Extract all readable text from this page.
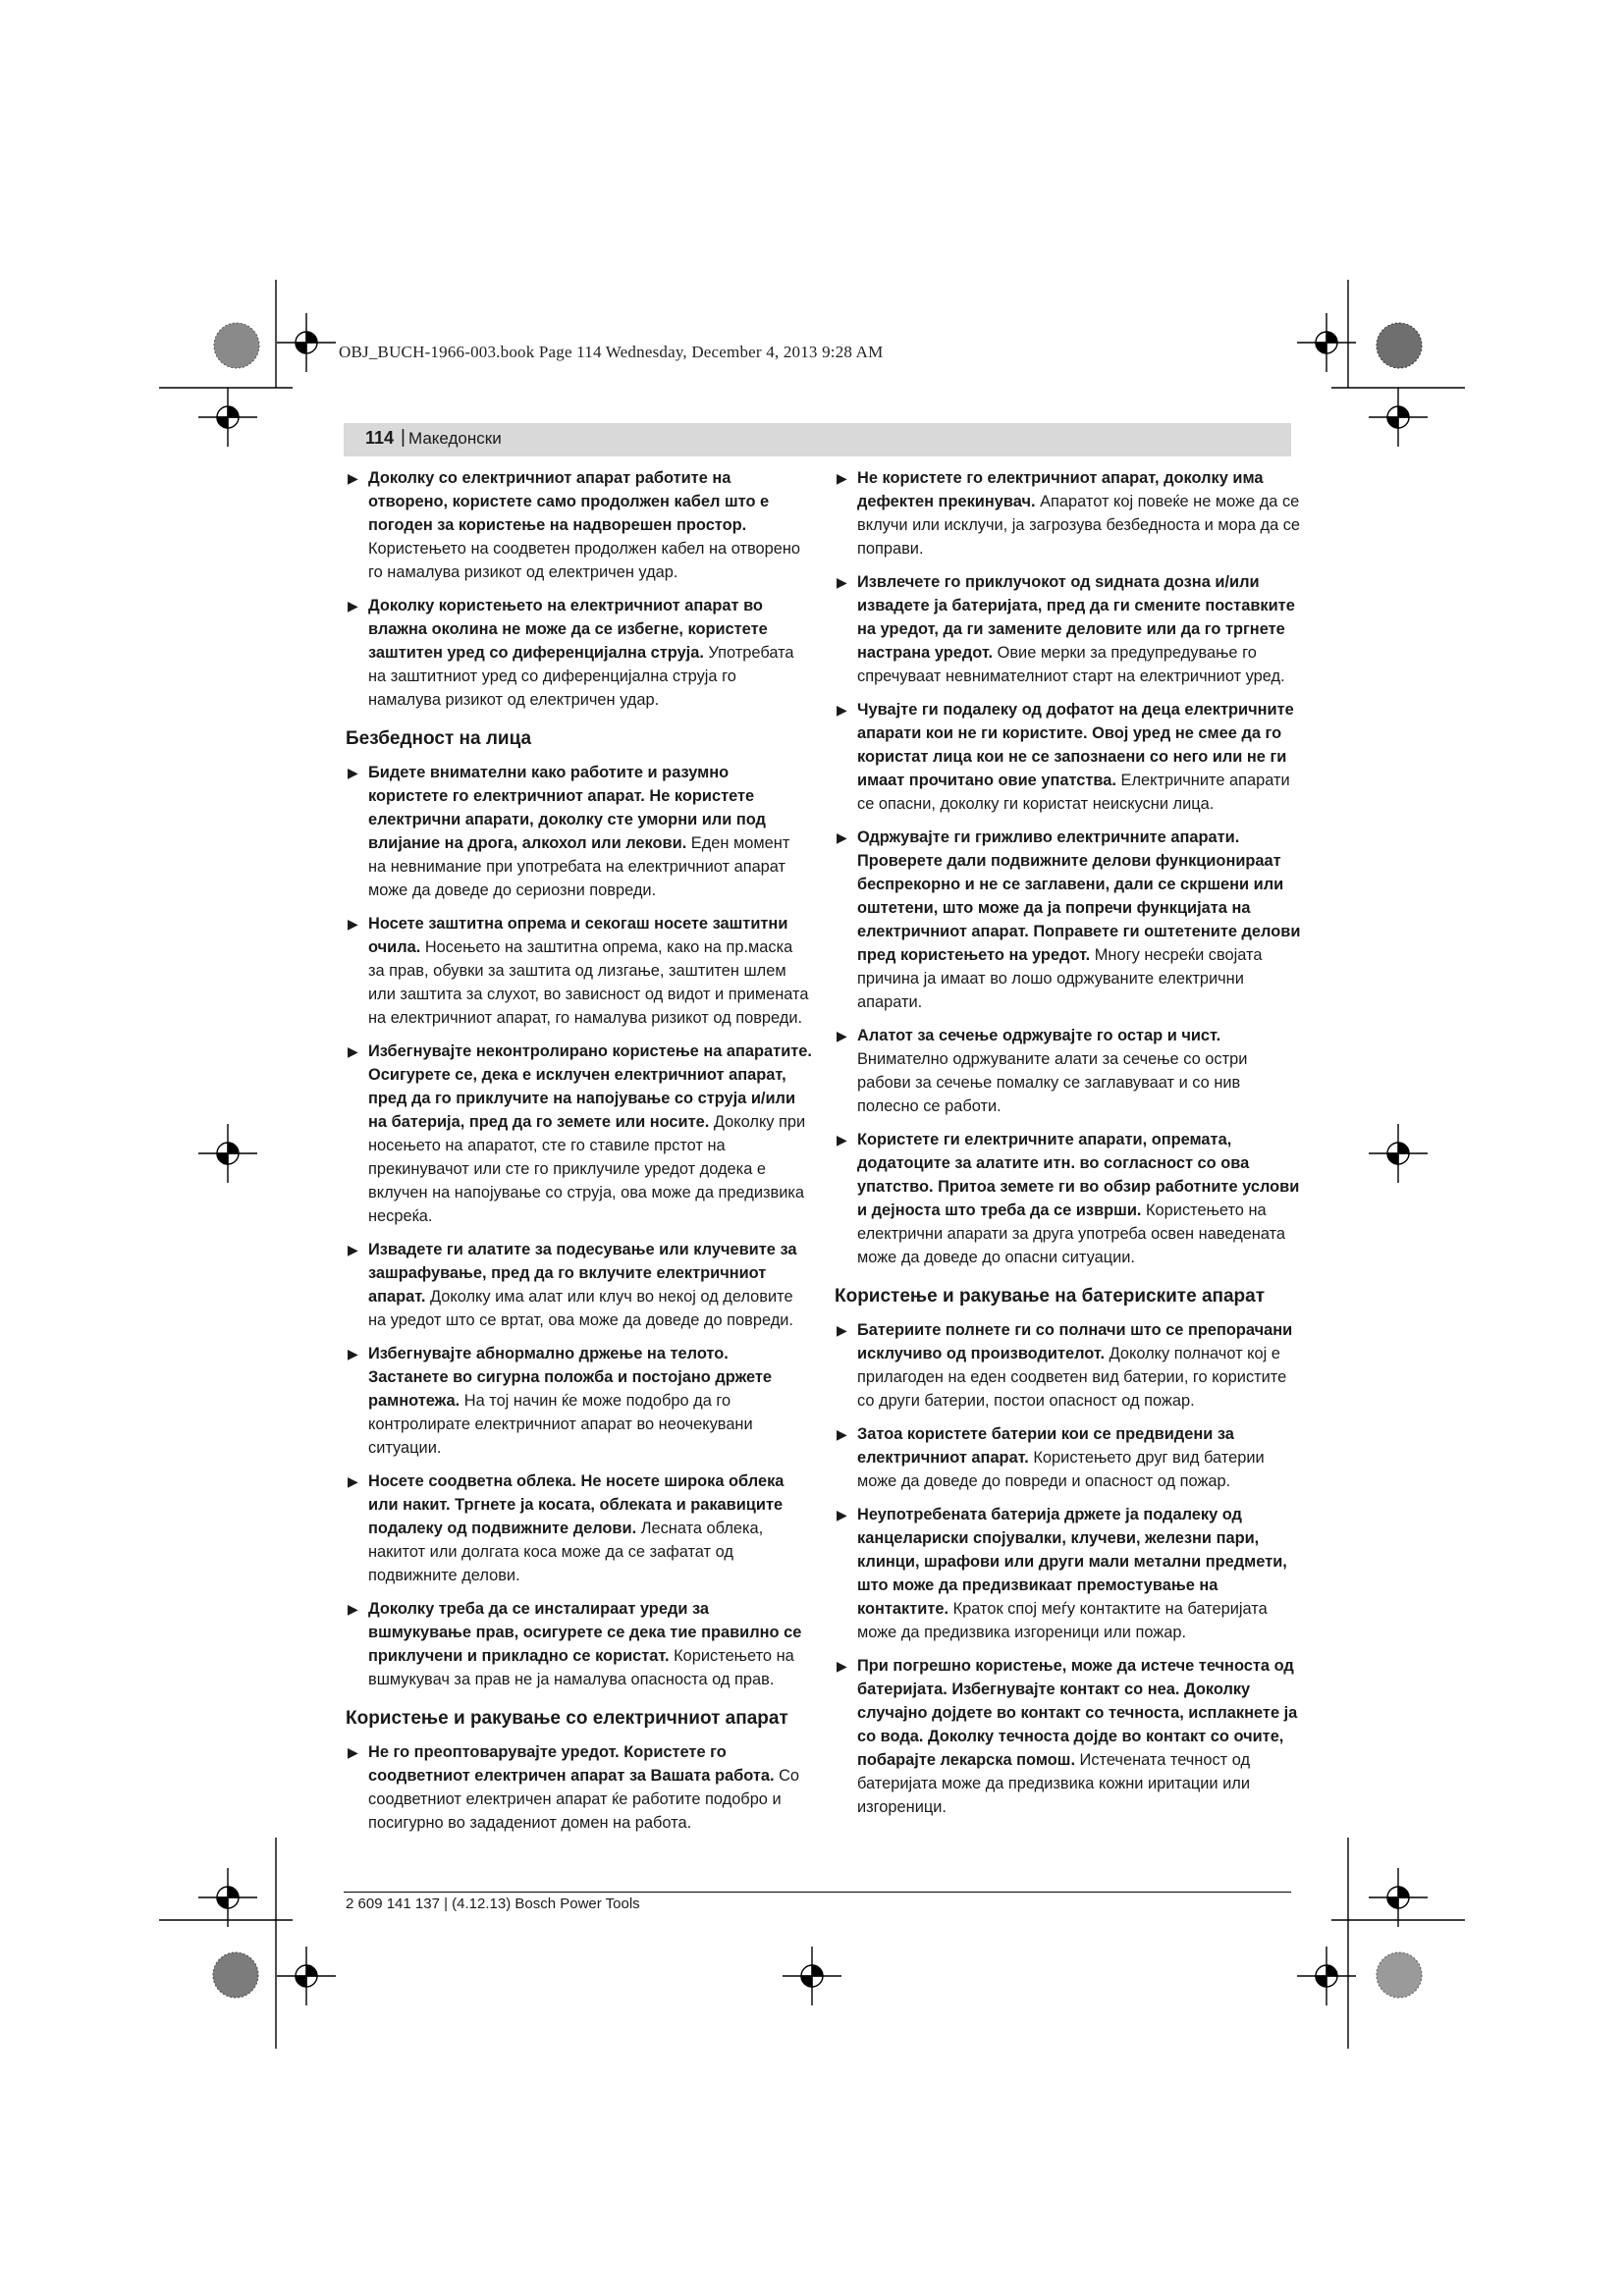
OBJ_BUCH-1966-003.book Page 114 Wednesday, December 4, 2013 9:28 AM
114 | Македонски
▶ Доколку со електричниот апарат работите на отворено, користете само продолжен кабел што е погоден за користење на надворешен простор. Користењето на соодветен продолжен кабел на отворено го намалува ризикот од електричен удар.
▶ Доколку користењето на електричниот апарат во влажна околина не може да се избегне, користете заштитен уред со диференцијална струја. Употребата на заштитниот уред со диференцијална струја го намалува ризикот од електричен удар.
Безбедност на лица
▶ Бидете внимателни како работите и разумно користете го електричниот апарат. Не користете електрични апарати, доколку сте уморни или под влијание на дрога, алкохол или лекови. Еден момент на невнимание при употребата на електричниот апарат може да доведе до сериозни повреди.
▶ Носете заштитна опрема и секогаш носете заштитни очила. Носењето на заштитна опрема, како на пр.маска за прав, обувки за заштита од лизгање, заштитен шлем или заштита за слухот, во зависност од видот и примената на електричниот апарат, го намалува ризикот од повреди.
▶ Избегнувајте неконтролирано користење на апаратите. Осигурете се, дека е исклучен електричниот апарат, пред да го приклучите на напојување со струја и/или на батерија, пред да го земете или носите. Доколку при носењето на апаратот, сте го ставиле прстот на прекинувачот или сте го приклучиле уредот додека е вклучен на напојување со струја, ова може да предизвика несреќа.
▶ Извадете ги алатите за подесување или клучевите за зашрафување, пред да го вклучите електричниот апарат. Доколку има алат или клуч во некој од деловите на уредот што се вртат, ова може да доведе до повреди.
▶ Избегнувајте абнормално држење на телото. Застанете во сигурна положба и постојано држете рамнотежа. На тој начин ќе може подобро да го контролирате електричниот апарат во неочекувани ситуации.
▶ Носете соодветна облека. Не носете широка облека или накит. Тргнете ја косата, облеката и ракавиците подалеку од подвижните делови. Лесната облека, накитот или долгата коса може да се зафатат од подвижните делови.
▶ Доколку треба да се инсталираат уреди за вшмукување прав, осигурете се дека тие правилно се приклучени и прикладно се користат. Користењето на вшмукувач за прав не ја намалува опасноста од прав.
Користење и ракување со електричниот апарат
▶ Не го преоптоварувајте уредот. Користете го соодветниот електричен апарат за Вашата работа. Со соодветниот електричен апарат ќе работите подобро и посигурно во зададениот домен на работа.
▶ Не користете го електричниот апарат, доколку има дефектен прекинувач. Апаратот кој повеќе не може да се вклучи или исклучи, ја загрозува безбедноста и мора да се поправи.
▶ Извлечете го приклучокот од ѕидната дозна и/или извадете ја батеријата, пред да ги смените поставките на уредот, да ги замените деловите или да го тргнете настрана уредот. Овие мерки за предупредување го спречуваат невнимателниот старт на електричниот уред.
▶ Чувајте ги подалеку од дофатот на деца електричните апарати кои не ги користите. Овој уред не смее да го користат лица кои не се запознаени со него или не ги имаат прочитано овие упатства. Електричните апарати се опасни, доколку ги користат неискусни лица.
▶ Одржувајте ги грижливо електричните апарати. Проверете дали подвижните делови функционираат беспрекорно и не се заглавени, дали се скршени или оштетени, што може да ја попречи функцијата на електричниот апарат. Поправете ги оштетените делови пред користењето на уредот. Многу несреќи својата причина ја имаат во лошо одржуваните електрични апарати.
▶ Алатот за сечење одржувајте го остар и чист. Внимателно одржуваните алати за сечење со остри рабови за сечење помалку се заглавуваат и со нив полесно се работи.
▶ Користете ги електричните апарати, опремата, додатоците за алатите итн. во согласност со ова упатство. Притоа земете ги во обзир работните услови и дејноста што треба да се изврши. Користењето на електрични апарати за друга употреба освен наведената може да доведе до опасни ситуации.
Користење и ракување на батериските апарат
▶ Батериите полнете ги со полначи што се препорачани исклучиво од производителот. Доколку полначот кој е прилагоден на еден соодветен вид батерии, го користите со други батерии, постои опасност од пожар.
▶ Затоа користете батерии кои се предвидени за електричниот апарат. Користењето друг вид батерии може да доведе до повреди и опасност од пожар.
▶ Неупотребената батерија држете ја подалеку од канцелариски спојувалки, клучеви, железни пари, клинци, шрафови или други мали метални предмети, што може да предизвикаат премостување на контактите. Краток спој меѓу контактите на батеријата може да предизвика изгореници или пожар.
▶ При погрешно користење, може да истече течноста од батеријата. Избегнувајте контакт со неа. Доколку случајно дојдете во контакт со течноста, исплакнете ја со вода. Доколку течноста дојде во контакт со очите, побарајте лекарска помош. Истечената течност од батеријата може да предизвика кожни иритации или изгореници.
2 609 141 137 | (4.12.13) Bosch Power Tools
